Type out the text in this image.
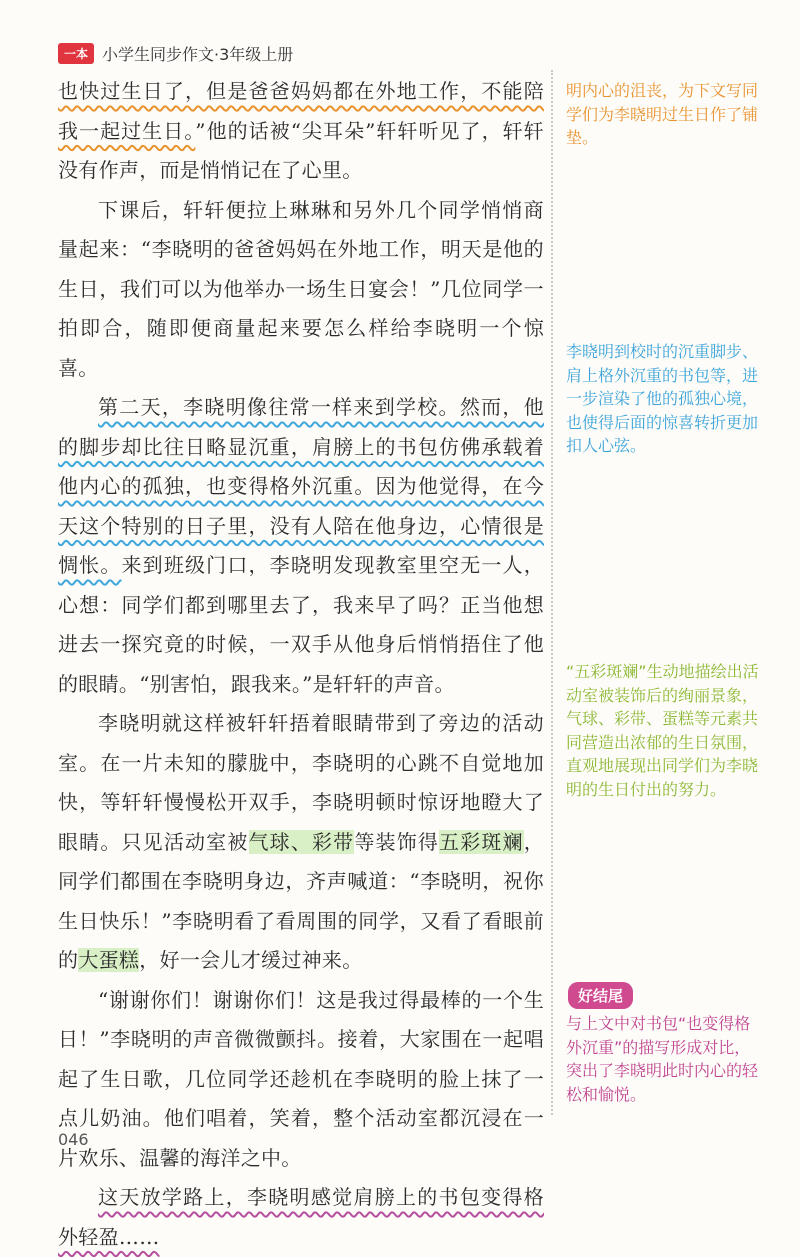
一本 小学生同步作文·3年级上册

也快过生日了，但是爸爸妈妈都在外地工作，不能陪我一起过生日。”他的话被“尖耳朵”轩轩听见了，轩轩没有作声，而是悄悄记在了心里。

下课后，轩轩便拉上琳琳和另外几个同学悄悄商量起来：“李晓明的爸爸妈妈在外地工作，明天是他的生日，我们可以为他举办一场生日宴会！”几位同学一拍即合，随即便商量起来要怎么样给李晓明一个惊喜。

第二天，李晓明像往常一样来到学校。然而，他的脚步却比往日略显沉重，肩膀上的书包仿佛承载着他内心的孤独，也变得格外沉重。因为他觉得，在今天这个特别的日子里，没有人陪在他身边，心情很是惆怅。来到班级门口，李晓明发现教室里空无一人，心想：同学们都到哪里去了，我来早了吗？正当他想进去一探究竟的时候，一双手从他身后悄悄捂住了他的眼睛。“别害怕，跟我来。”是轩轩的声音。

李晓明就这样被轩轩捂着眼睛带到了旁边的活动室。在一片未知的朦胧中，李晓明的心跳不自觉地加快，等轩轩慢慢松开双手，李晓明顿时惊讶地瞪大了眼睛。只见活动室被气球、彩带等装饰得五彩斑斓，同学们都围在李晓明身边，齐声喊道：“李晓明，祝你生日快乐！”李晓明看了看周围的同学，又看了看眼前的大蛋糕，好一会儿才缓过神来。

“谢谢你们！谢谢你们！这是我过得最棒的一个生日！”李晓明的声音微微颤抖。接着，大家围在一起唱起了生日歌，几位同学还趁机在李晓明的脸上抹了一点儿奶油。他们唱着，笑着，整个活动室都沉浸在一片欢乐、温馨的海洋之中。

这天放学路上，李晓明感觉肩膀上的书包变得格外轻盈……

明内心的沮丧，为下文写同学们为李晓明过生日作了铺垫。
李晓明到校时的沉重脚步、肩上格外沉重的书包等，进一步渲染了他的孤独心境，也使得后面的惊喜转折更加扣人心弦。
“五彩斑斓”生动地描绘出活动室被装饰后的绚丽景象，气球、彩带、蛋糕等元素共同营造出浓郁的生日氛围，直观地展现出同学们为李晓明的生日付出的努力。
好结尾
与上文中对书包“也变得格外沉重”的描写形成对比，突出了李晓明此时内心的轻松和愉悦。
046
